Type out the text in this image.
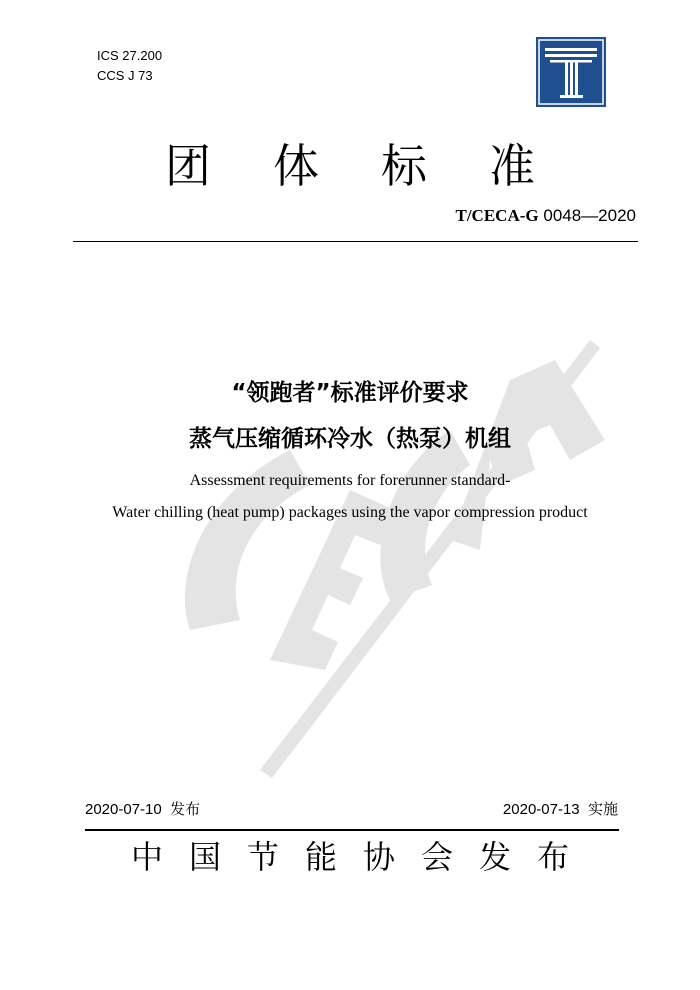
ICS 27.200
CCS J 73
团体标准
T/CECA-G 0048—2020
“领跑者”标准评价要求
蒸气压缩循环冷水（热泵）机组
Assessment requirements for forerunner standard-
Water chilling (heat pump) packages using the vapor compression product
2020-07-10  发布	2020-07-13  实施
中国节能协会发布
